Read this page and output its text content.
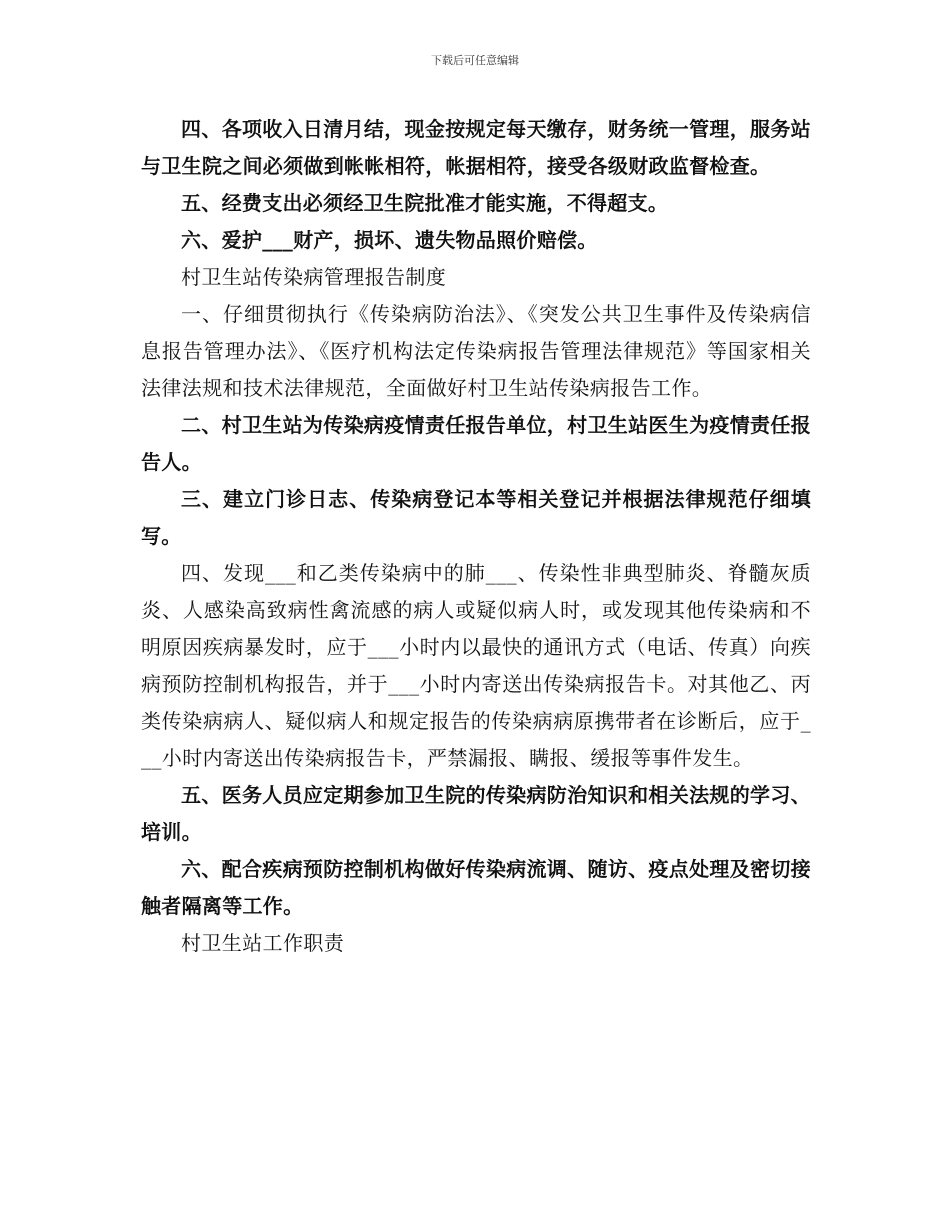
下载后可任意编辑

四、各项收入日清月结，现金按规定每天缴存，财务统一管理，服务站与卫生院之间必须做到帐帐相符，帐据相符，接受各级财政监督检查。

五、经费支出必须经卫生院批准才能实施，不得超支。

六、爱护___财产，损坏、遗失物品照价赔偿。

村卫生站传染病管理报告制度

一、仔细贯彻执行《传染病防治法》、《突发公共卫生事件及传染病信息报告管理办法》、《医疗机构法定传染病报告管理法律规范》等国家相关法律法规和技术法律规范，全面做好村卫生站传染病报告工作。

二、村卫生站为传染病疫情责任报告单位，村卫生站医生为疫情责任报告人。

三、建立门诊日志、传染病登记本等相关登记并根据法律规范仔细填写。

四、发现___和乙类传染病中的肺___、传染性非典型肺炎、脊髓灰质炎、人感染高致病性禽流感的病人或疑似病人时，或发现其他传染病和不明原因疾病暴发时，应于___小时内以最快的通讯方式（电话、传真）向疾病预防控制机构报告，并于___小时内寄送出传染病报告卡。对其他乙、丙类传染病病人、疑似病人和规定报告的传染病病原携带者在诊断后，应于___小时内寄送出传染病报告卡，严禁漏报、瞒报、缓报等事件发生。

五、医务人员应定期参加卫生院的传染病防治知识和相关法规的学习、培训。

六、配合疾病预防控制机构做好传染病流调、随访、疫点处理及密切接触者隔离等工作。

村卫生站工作职责
